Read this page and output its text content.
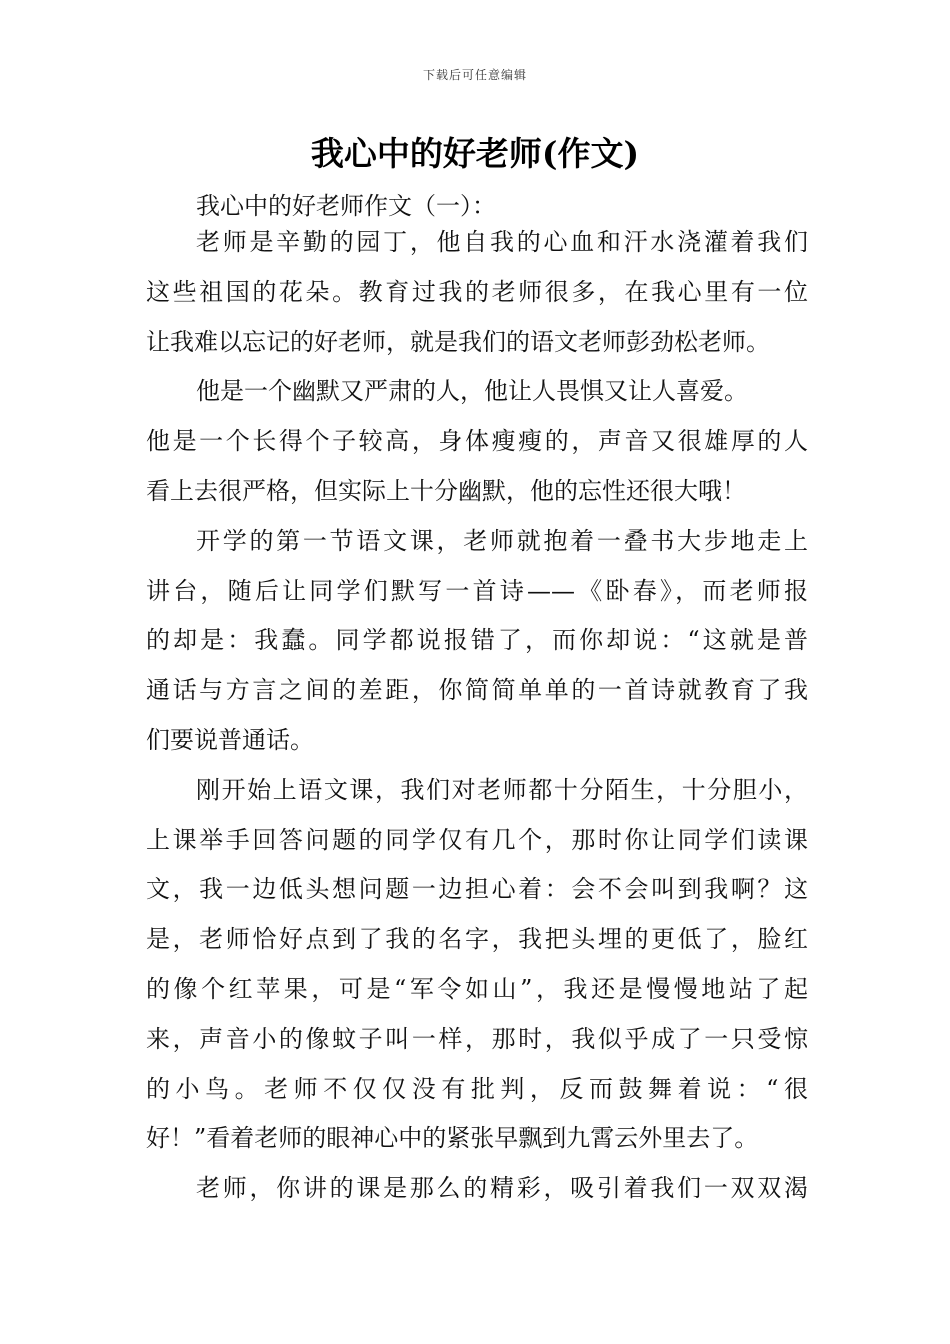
下载后可任意编辑
我心中的好老师(作文)

我心中的好老师作文（一）：

老师是辛勤的园丁，他自我的心血和汗水浇灌着我们
这些祖国的花朵。教育过我的老师很多，在我心里有一位
让我难以忘记的好老师，就是我们的语文老师彭劲松老师。
他是一个幽默又严肃的人，他让人畏惧又让人喜爱。
他是一个长得个子较高，身体瘦瘦的，声音又很雄厚的人
看上去很严格，但实际上十分幽默，他的忘性还很大哦！
开学的第一节语文课，老师就抱着一叠书大步地走上
讲台，随后让同学们默写一首诗——《卧春》，而老师报
的却是：我蠢。同学都说报错了，而你却说：“这就是普
通话与方言之间的差距，你简简单单的一首诗就教育了我
们要说普通话。
刚开始上语文课，我们对老师都十分陌生，十分胆小，
上课举手回答问题的同学仅有几个，那时你让同学们读课
文，我一边低头想问题一边担心着：会不会叫到我啊？这
是，老师恰好点到了我的名字，我把头埋的更低了，脸红
的像个红苹果，可是“军令如山”，我还是慢慢地站了起
来，声音小的像蚊子叫一样，那时，我似乎成了一只受惊
的小鸟。老师不仅仅没有批判，反而鼓舞着说：“很
好！”看着老师的眼神心中的紧张早飘到九霄云外里去了。
老师，你讲的课是那么的精彩，吸引着我们一双双渴
